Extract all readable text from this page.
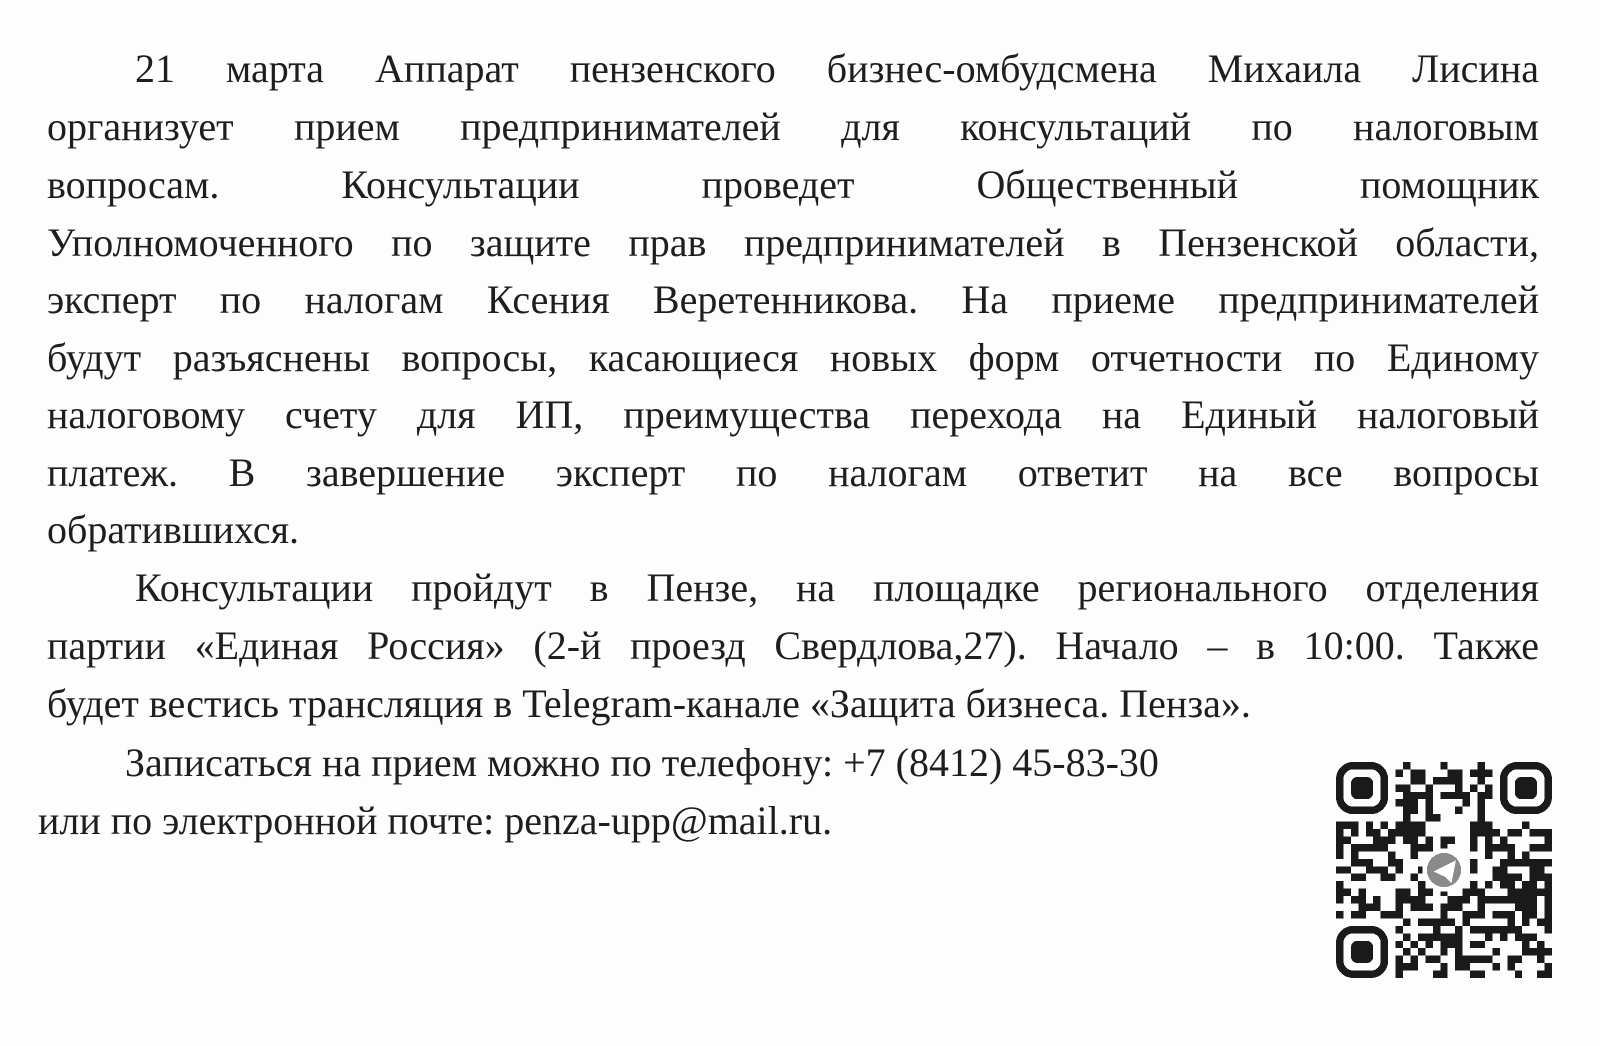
21 марта Аппарат пензенского бизнес-омбудсмена Михаила Лисина
организует прием предпринимателей для консультаций по налоговым
вопросам. Консультации проведет Общественный помощник
Уполномоченного по защите прав предпринимателей в Пензенской области,
эксперт по налогам Ксения Веретенникова. На приеме предпринимателей
будут разъяснены вопросы, касающиеся новых форм отчетности по Единому
налоговому счету для ИП, преимущества перехода на Единый налоговый
платеж. В завершение эксперт по налогам ответит на все вопросы
обратившихся.
Консультации пройдут в Пензе, на площадке регионального отделения
партии «Единая Россия» (2-й проезд Свердлова,27). Начало – в 10:00. Также
будет вестись трансляция в Telegram-канале «Защита бизнеса. Пенза».
Записаться на прием можно по телефону: +7 (8412) 45-83-30
или по электронной почте: penza-upp@mail.ru.
